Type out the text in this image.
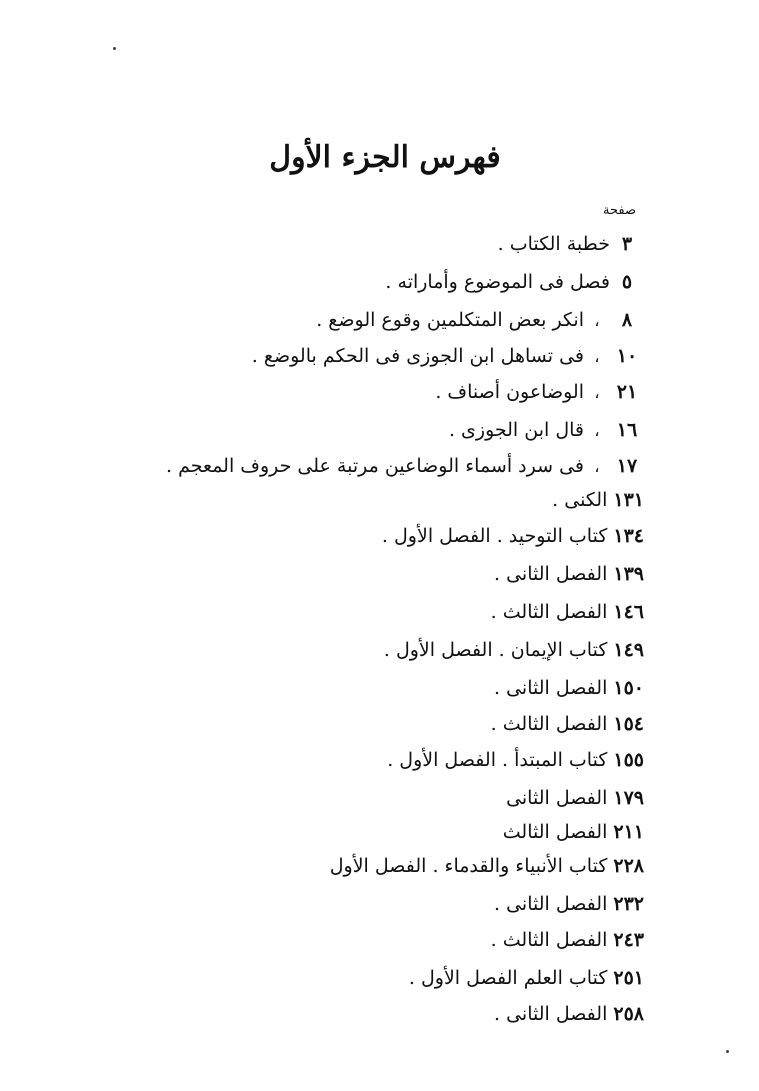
فهرس الجزء الأول
صفحة
٣
خطبة الكتاب .
٥
فصل فى الموضوع وأماراته .
٨
،
انكر بعض المتكلمين وقوع الوضع .
١٠
،
فى تساهل ابن الجوزى فى الحكم بالوضع .
٢١
،
الوضاعون أصناف .
١٦
،
قال ابن الجوزى .
١٧
،
فى سرد أسماء الوضاعين مرتبة على حروف المعجم .
١٣١
الكنى .
١٣٤
كتاب التوحيد . الفصل الأول .
١٣٩
الفصل الثانى .
١٤٦
الفصل الثالث .
١٤٩
كتاب الإيمان . الفصل الأول .
١٥٠
الفصل الثانى .
١٥٤
الفصل الثالث .
١٥٥
كتاب المبتدأ . الفصل الأول .
١٧٩
الفصل الثانى
٢١١
الفصل الثالث
٢٢٨
كتاب الأنبياء والقدماء . الفصل الأول
٢٣٢
الفصل الثانى .
٢٤٣
الفصل الثالث .
٢٥١
كتاب العلم الفصل الأول .
٢٥٨
الفصل الثانى .
